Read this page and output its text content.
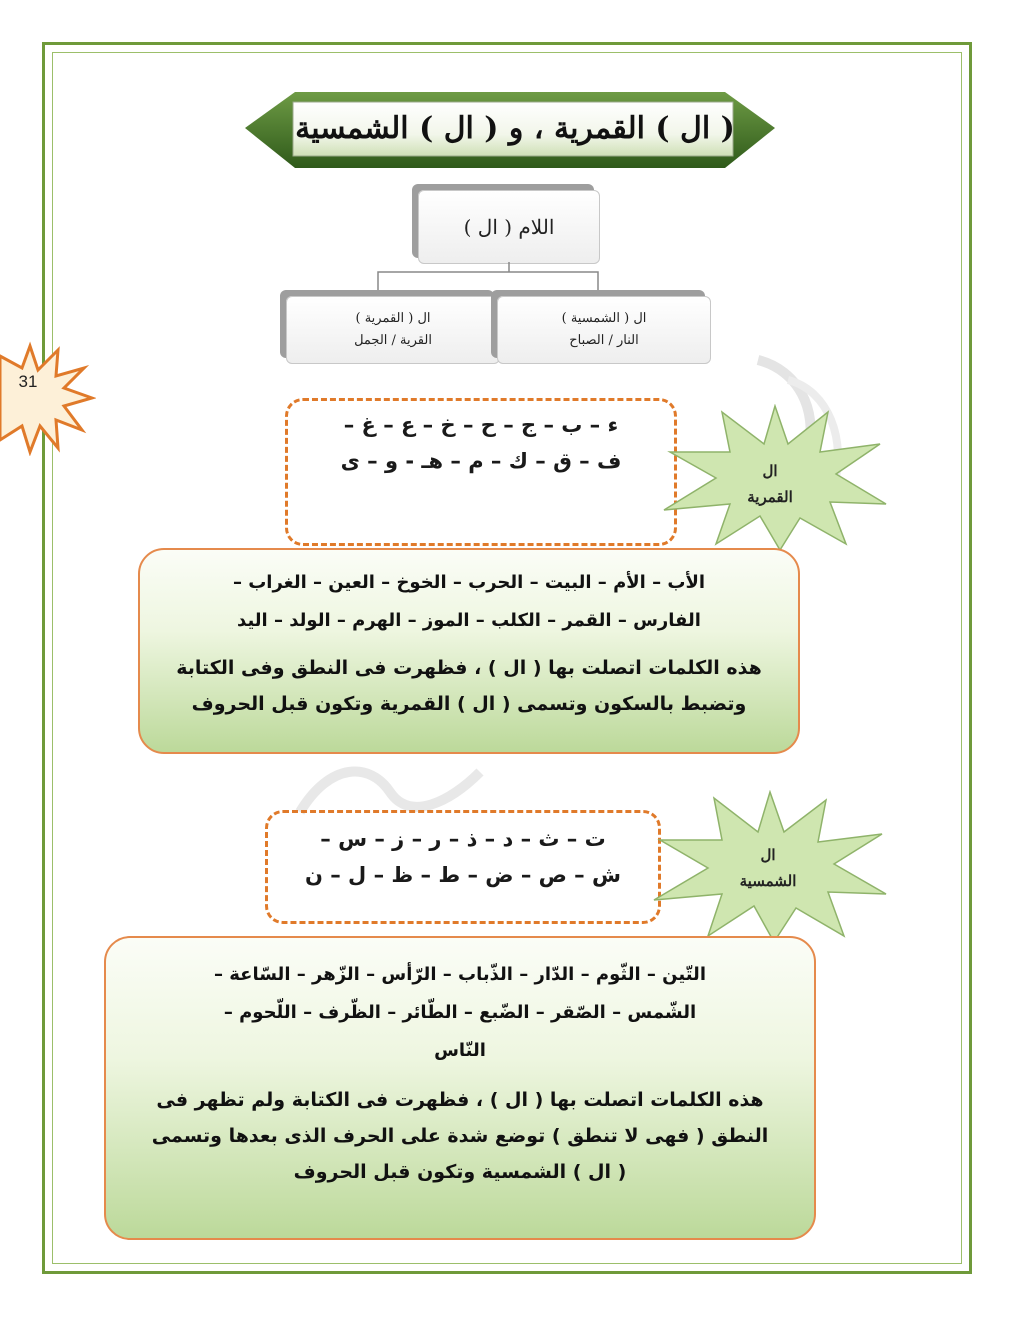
( ال ) القمرية ، و ( ال ) الشمسية
اللام ( ال )
ال ( القمرية )
القرية / الجمل
ال ( الشمسية )
النار / الصباح
31
ء – ب – ج – ح – خ – ع – غ –
ف – ق – ك – م – هـ - و – ى	ال
القمرية
الأب – الأم – البيت – الحرب – الخوخ – العين – الغراب –
الفارس – القمر – الكلب – الموز – الهرم – الولد – اليد
هذه الكلمات اتصلت بها ( ال ) ، فظهرت فى النطق وفى الكتابة
وتضبط بالسكون وتسمى ( ال ) القمرية وتكون قبل الحروف
ت – ث – د – ذ – ر – ز – س –
ش – ص – ض – ط – ظ – ل – ن
ال
الشمسية
التّين – الثّوم – الدّار – الذّباب – الرّأس – الزّهر – السّاعة –
الشّمس – الصّقر – الضّبع – الطّائر – الظّرف – اللّحوم –
النّاس
هذه الكلمات اتصلت بها ( ال ) ، فظهرت فى الكتابة ولم تظهر فى
النطق ( فهى لا تنطق ) توضع شدة على الحرف الذى بعدها وتسمى
( ال ) الشمسية وتكون قبل الحروف
